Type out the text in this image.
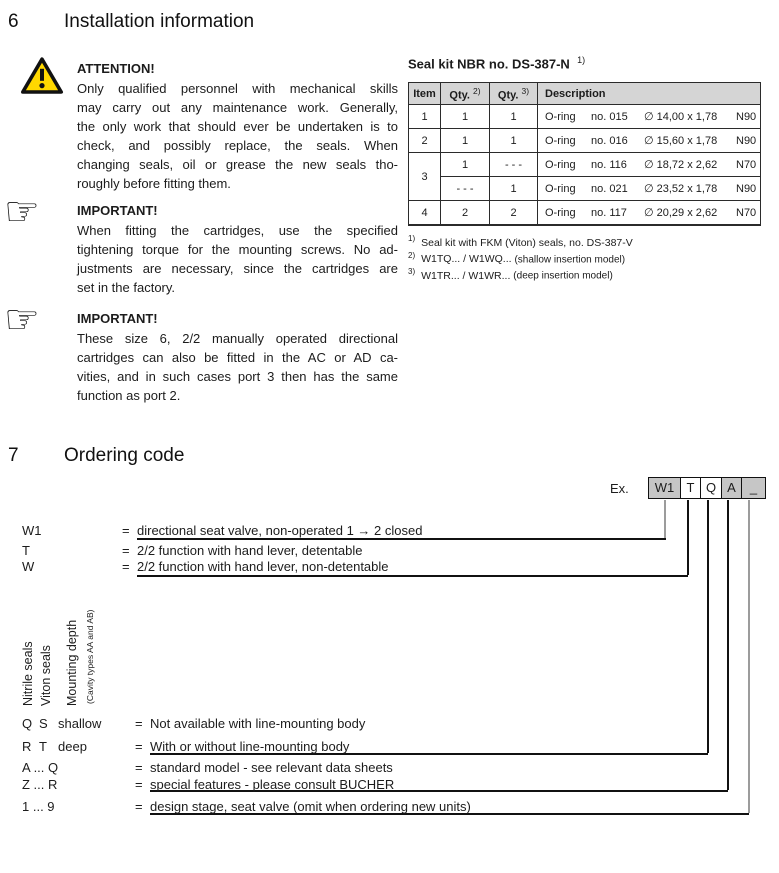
6 Installation information
ATTENTION!
Only qualified personnel with mechanical skills
may carry out any maintenance work. Generally,
the only work that should ever be undertaken is to
check, and possibly replace, the seals. When
changing seals, oil or grease the new seals tho-
roughly before fitting them.
☞	IMPORTANT!
When fitting the cartridges, use the specified
tightening torque for the mounting screws. No ad-
justments are necessary, since the cartridges are
set in the factory.
☞	IMPORTANT!
These size 6, 2/2 manually operated directional
cartridges can also be fitted in the AC or AD ca-
vities, and in such cases port 3 then has the same
function as port 2.
Seal kit NBR no. DS-387-N $^{1)}$
Item	Qty. $^{2)}$	Qty. $^{3)}$	Description
1	1	1	O-ring no. 015 ∅ 14,00 x 1,78 N90
2	1	1	O-ring no. 016 ∅ 15,60 x 1,78 N90
3	1	- - -	O-ring no. 116 ∅ 18,72 x 2,62 N70
	- - -	1	O-ring no. 021 ∅ 23,52 x 1,78 N90
4	2	2	O-ring no. 117 ∅ 20,29 x 2,62 N70
$^{1)}$ Seal kit with FKM (Viton) seals, no. DS-387-V
$^{2)}$ W1TQ... / W1WQ... (shallow insertion model)
$^{3)}$ W1TR... / W1WR... (deep insertion model)
7 Ordering code
Ex.	W1 T Q A	_
W1	= directional seat valve, non-operated 1 → 2 closed
T	= 2/2 function with hand lever, detentable
W	= 2/2 function with hand lever, non-detentable
Nitrile seals Viton seals Mounting depth (Cavity types AA and AB)
Q S shallow	= Not available with line-mounting body
R T deep	= With or without line-mounting body
A ... Q	= standard model - see relevant data sheets
Z ... R	= special features - please consult BUCHER
1 ... 9	= design stage, seat valve (omit when ordering new units)
